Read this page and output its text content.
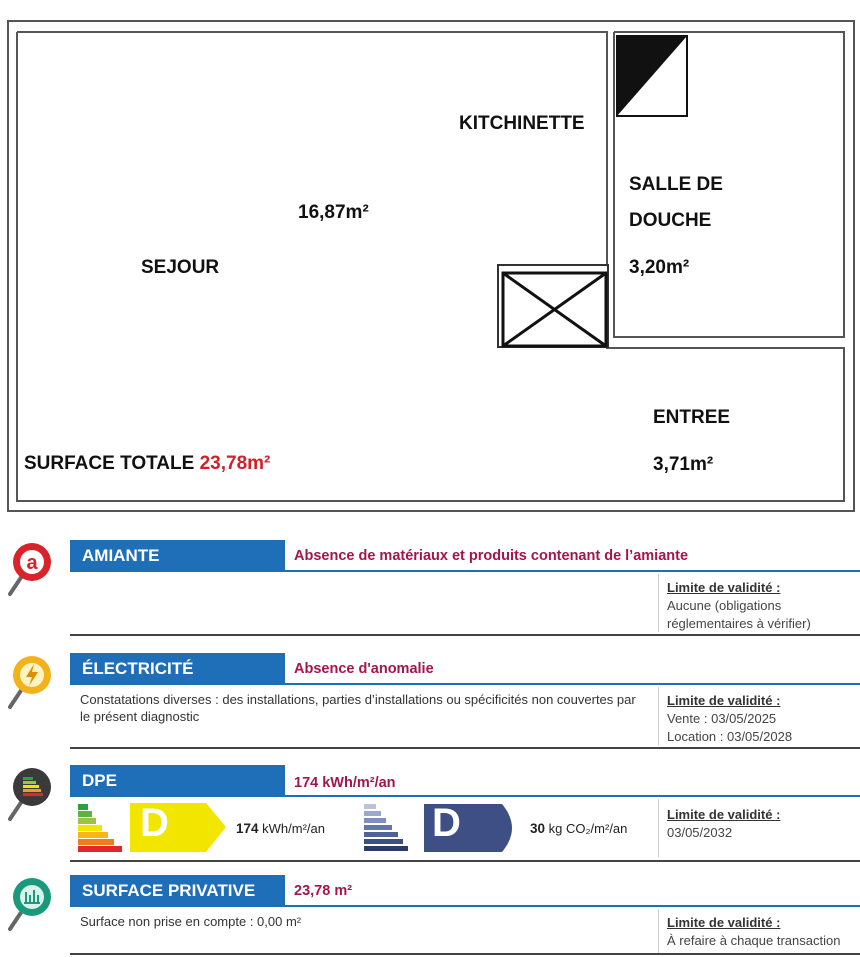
KITCHINETTE
16,87m²
SEJOUR
SALLE DE
DOUCHE
3,20m²
ENTREE
3,71m²
SURFACE TOTALE 23,78m²
a	AMIANTE	Absence de matériaux et produits contenant de l’amiante
Limite de validité :
Aucune (obligations
réglementaires à vérifier)
ÉLECTRICITÉ	Absence d'anomalie
Constatations diverses : des installations, parties d’installations ou spécificités non couvertes par le présent diagnostic
Limite de validité :
Vente : 03/05/2025
Location : 03/05/2028
DPE	174 kWh/m²/an
D	174 kWh/m²/an	D	30 kg CO₂/m²/an
Limite de validité :
03/05/2032
SURFACE PRIVATIVE	23,78 m²
Surface non prise en compte : 0,00 m²	Limite de validité :
À refaire à chaque transaction
